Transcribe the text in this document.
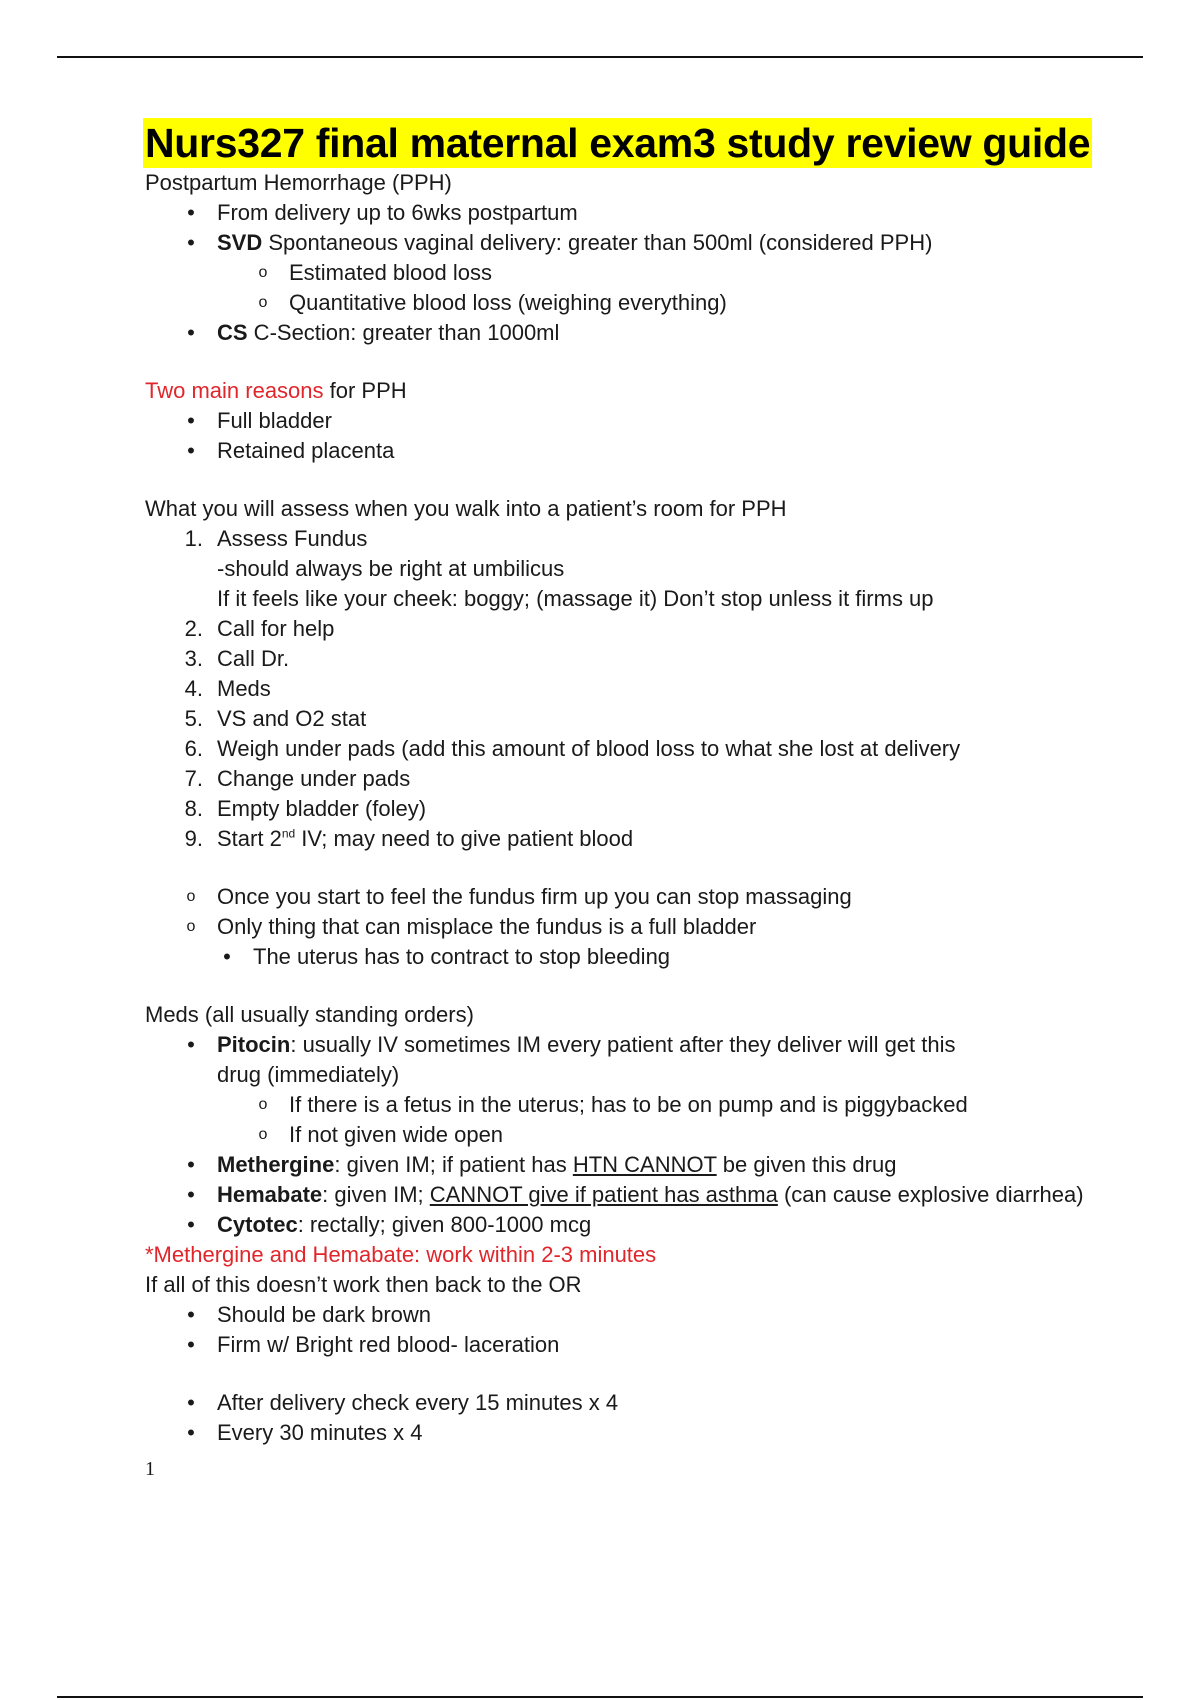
Nurs327 final maternal exam3 study review guide

Postpartum Hemorrhage (PPH)

• From delivery up to 6wks postpartum
• SVD Spontaneous vaginal delivery: greater than 500ml (considered PPH)
o Estimated blood loss
o Quantitative blood loss (weighing everything)
• CS C-Section: greater than 1000ml

Two main reasons for PPH

• Full bladder
• Retained placenta

What you will assess when you walk into a patient’s room for PPH

1. Assess Fundus
-should always be right at umbilicus
If it feels like your cheek: boggy; (massage it) Don’t stop unless it firms up
2. Call for help
3. Call Dr.
4. Meds
5. VS and O2 stat
6. Weigh under pads (add this amount of blood loss to what she lost at delivery
7. Change under pads
8. Empty bladder (foley)
9. Start 2nd IV; may need to give patient blood
o Once you start to feel the fundus firm up you can stop massaging
o Only thing that can misplace the fundus is a full bladder
• The uterus has to contract to stop bleeding

Meds (all usually standing orders)

• Pitocin: usually IV sometimes IM every patient after they deliver will get this
drug (immediately)
o If there is a fetus in the uterus; has to be on pump and is piggybacked
o If not given wide open
• Methergine: given IM; if patient has HTN CANNOT be given this drug
• Hemabate: given IM; CANNOT give if patient has asthma (can cause explosive diarrhea)
• Cytotec: rectally; given 800-1000 mcg

*Methergine and Hemabate: work within 2-3 minutes

If all of this doesn’t work then back to the OR

• Should be dark brown
• Firm w/ Bright red blood- laceration
• After delivery check every 15 minutes x 4
• Every 30 minutes x 4

1
